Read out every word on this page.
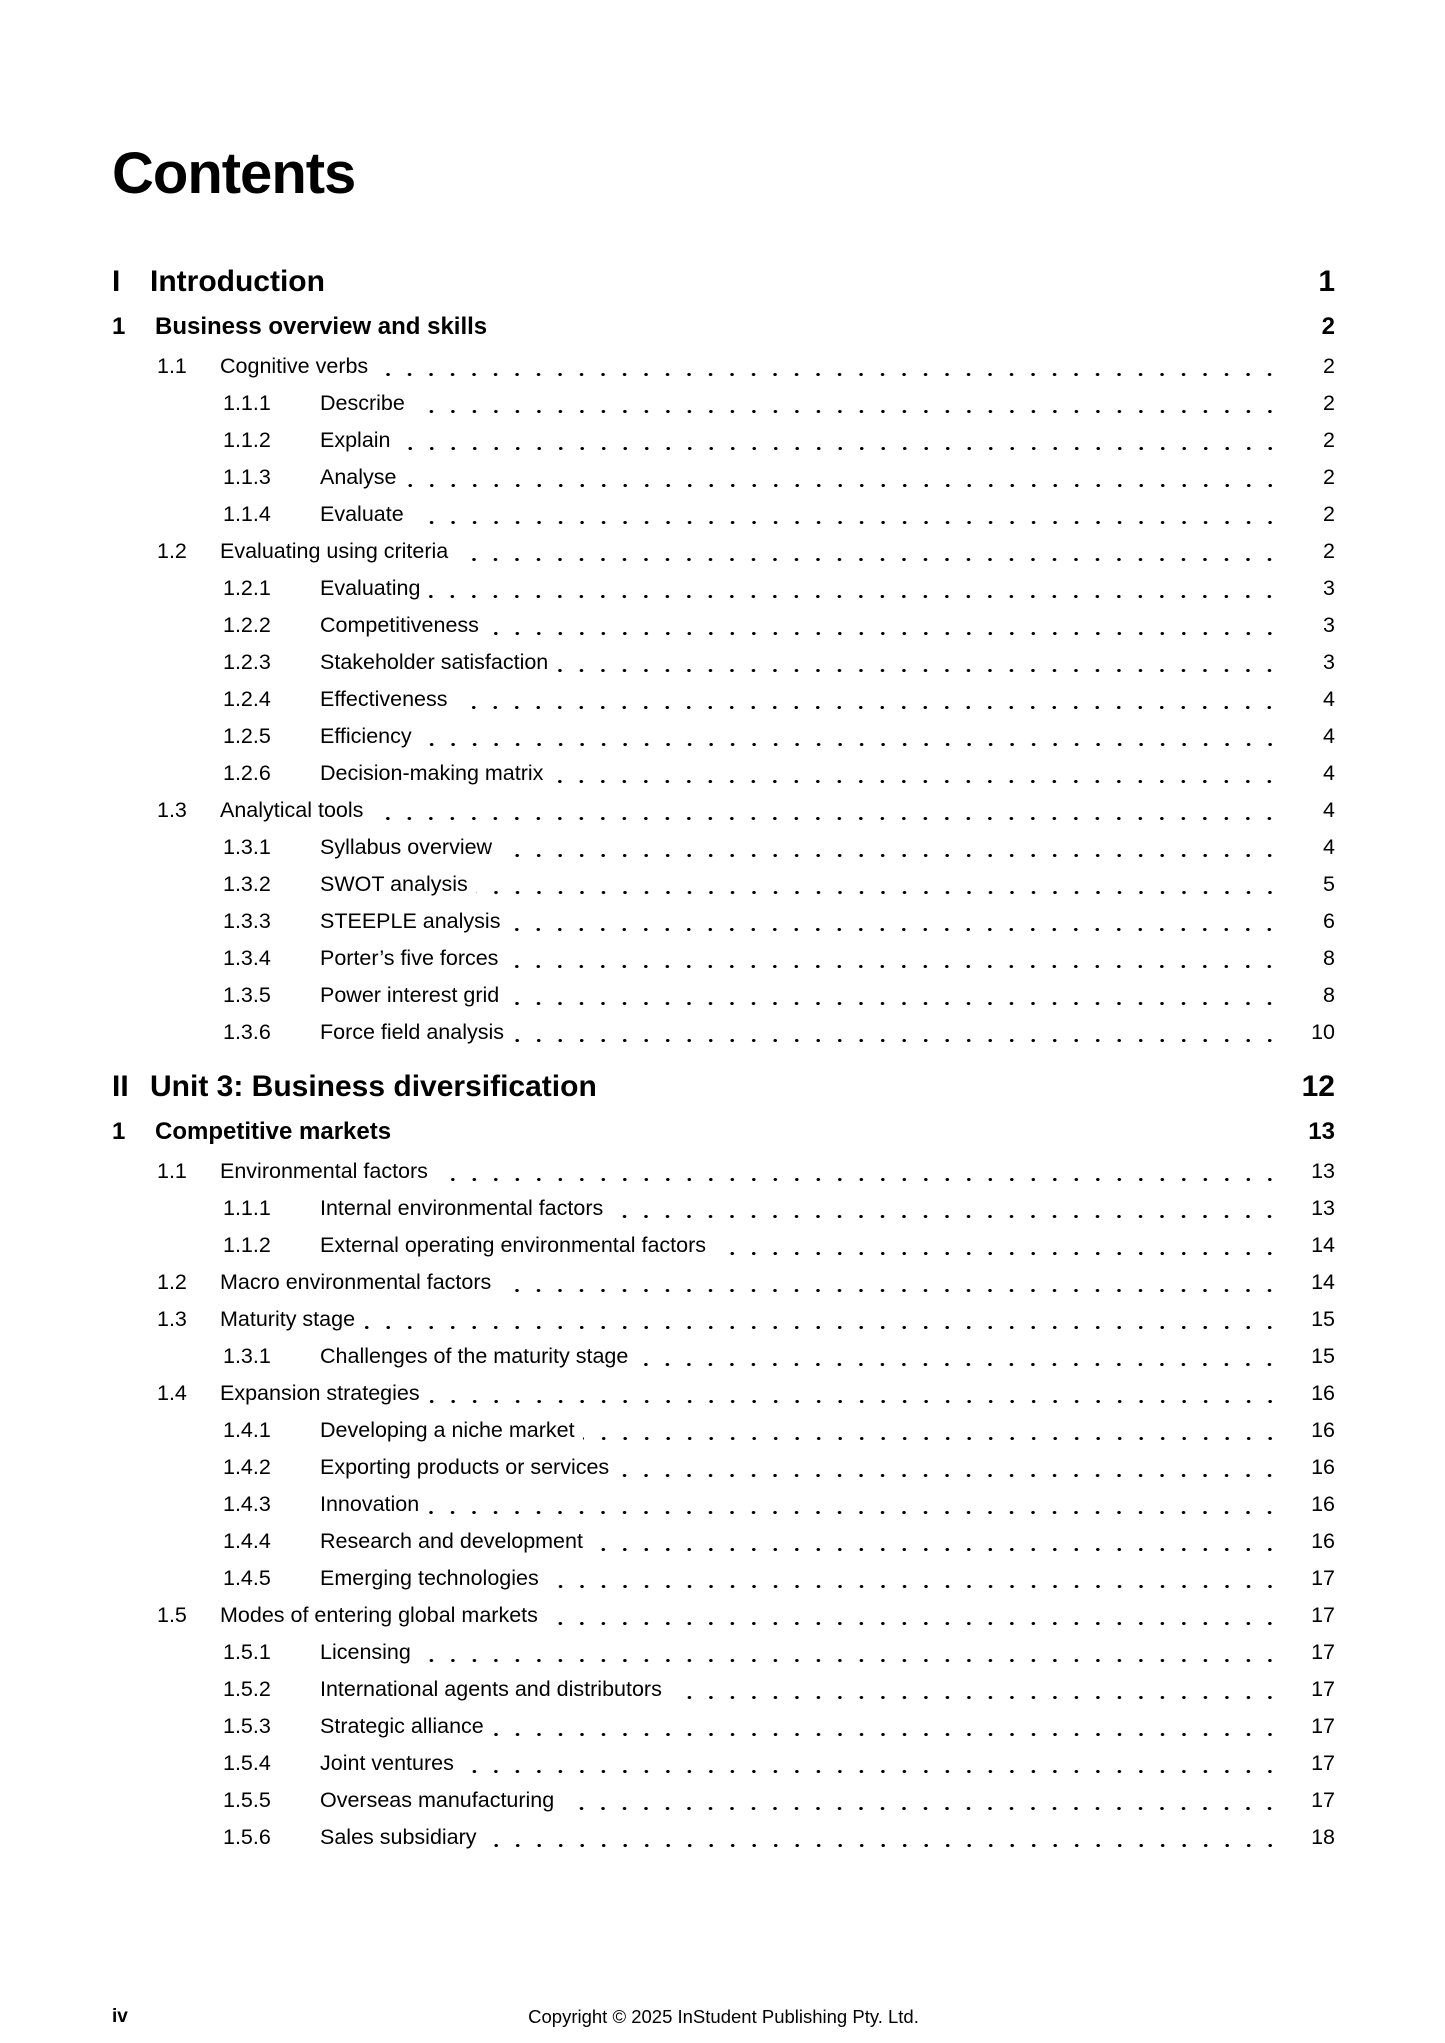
Contents
I Introduction	1
1	Business overview and skills	2
1.1	Cognitive verbs	2
1.1.1	Describe	2
1.1.2	Explain	2
1.1.3	Analyse	2
1.1.4	Evaluate	2
1.2	Evaluating using criteria	2
1.2.1	Evaluating	3
1.2.2	Competitiveness	3
1.2.3	Stakeholder satisfaction	3
1.2.4	Effectiveness	4
1.2.5	Efficiency	4
1.2.6	Decision-making matrix	4
1.3	Analytical tools	4
1.3.1	Syllabus overview	4
1.3.2	SWOT analysis	5
1.3.3	STEEPLE analysis	6
1.3.4	Porter’s five forces	8
1.3.5	Power interest grid	8
1.3.6	Force field analysis	10
II Unit 3: Business diversification	12
1	Competitive markets	13
1.1	Environmental factors	13
1.1.1	Internal environmental factors	13
1.1.2	External operating environmental factors	14
1.2	Macro environmental factors	14
1.3	Maturity stage	15
1.3.1	Challenges of the maturity stage	15
1.4	Expansion strategies	16
1.4.1	Developing a niche market	16
1.4.2	Exporting products or services	16
1.4.3	Innovation	16
1.4.4	Research and development	16
1.4.5	Emerging technologies	17
1.5	Modes of entering global markets	17
1.5.1	Licensing	17
1.5.2	International agents and distributors	17
1.5.3	Strategic alliance	17
1.5.4	Joint ventures	17
1.5.5	Overseas manufacturing	17
1.5.6	Sales subsidiary	18
iv	Copyright © 2025 InStudent Publishing Pty. Ltd.
